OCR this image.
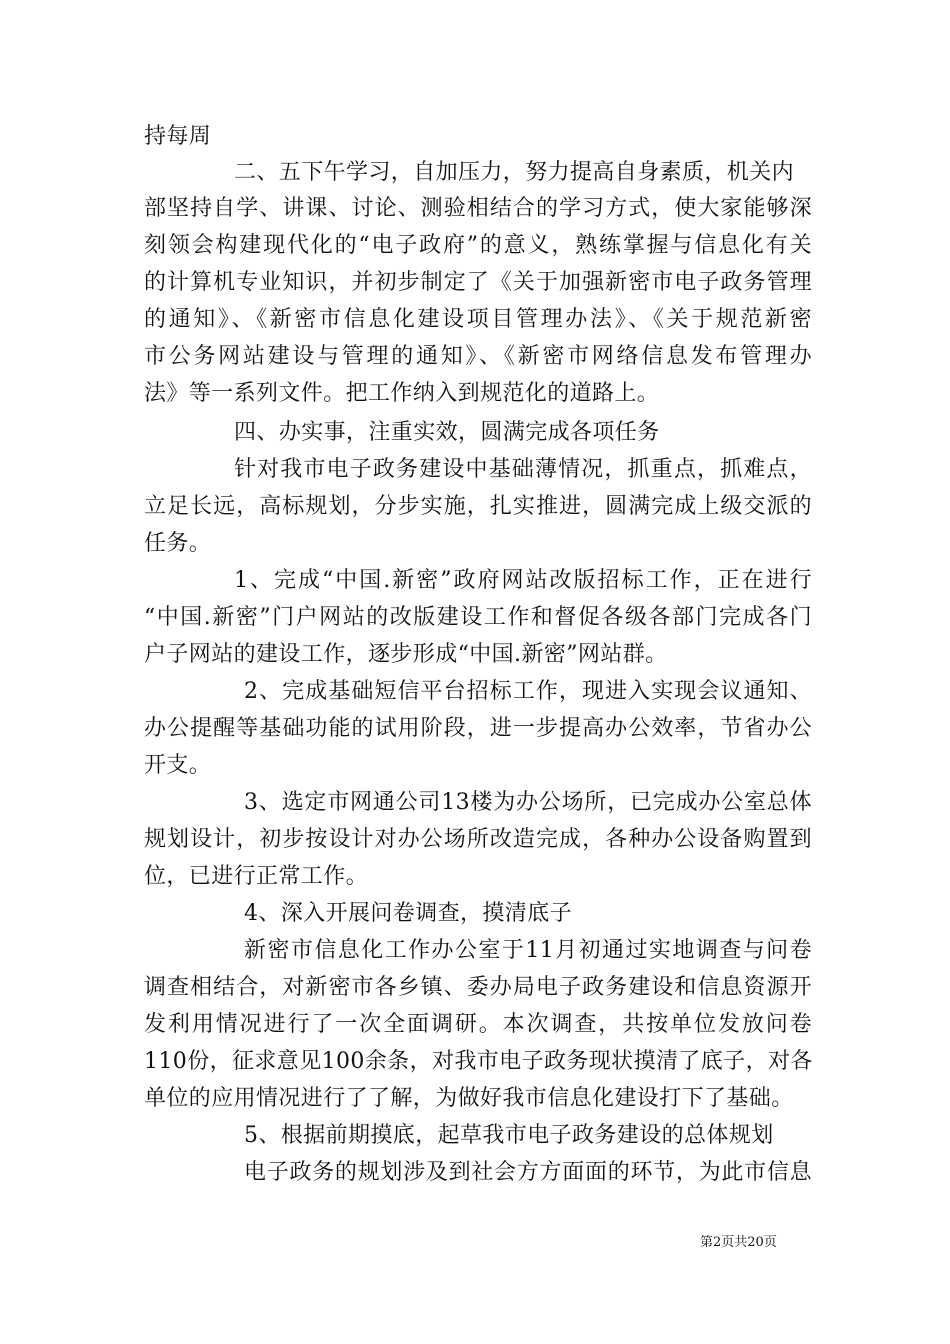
持每周
二、五下午学习，自加压力，努力提高自身素质，机关内
部坚持自学、讲课、讨论、测验相结合的学习方式，使大家能够深
刻领会构建现代化的“电子政府”的意义，熟练掌握与信息化有关
的计算机专业知识，并初步制定了《关于加强新密市电子政务管理
的通知》、《新密市信息化建设项目管理办法》、《关于规范新密
市公务网站建设与管理的通知》、《新密市网络信息发布管理办
法》等一系列文件。把工作纳入到规范化的道路上。
四、办实事，注重实效，圆满完成各项任务
针对我市电子政务建设中基础薄情况，抓重点，抓难点，
立足长远，高标规划，分步实施，扎实推进，圆满完成上级交派的
任务。
1、完成“中国.新密”政府网站改版招标工作，正在进行
“中国.新密”门户网站的改版建设工作和督促各级各部门完成各门
户子网站的建设工作，逐步形成“中国.新密”网站群。
2、完成基础短信平台招标工作，现进入实现会议通知、
办公提醒等基础功能的试用阶段，进一步提高办公效率，节省办公
开支。
3、选定市网通公司13楼为办公场所，已完成办公室总体
规划设计，初步按设计对办公场所改造完成，各种办公设备购置到
位，已进行正常工作。
4、深入开展问卷调查，摸清底子
新密市信息化工作办公室于11月初通过实地调查与问卷
调查相结合，对新密市各乡镇、委办局电子政务建设和信息资源开
发利用情况进行了一次全面调研。本次调查，共按单位发放问卷
110份，征求意见100余条，对我市电子政务现状摸清了底子，对各
单位的应用情况进行了了解，为做好我市信息化建设打下了基础。
5、根据前期摸底，起草我市电子政务建设的总体规划
电子政务的规划涉及到社会方方面面的环节，为此市信息
第2页共20页
